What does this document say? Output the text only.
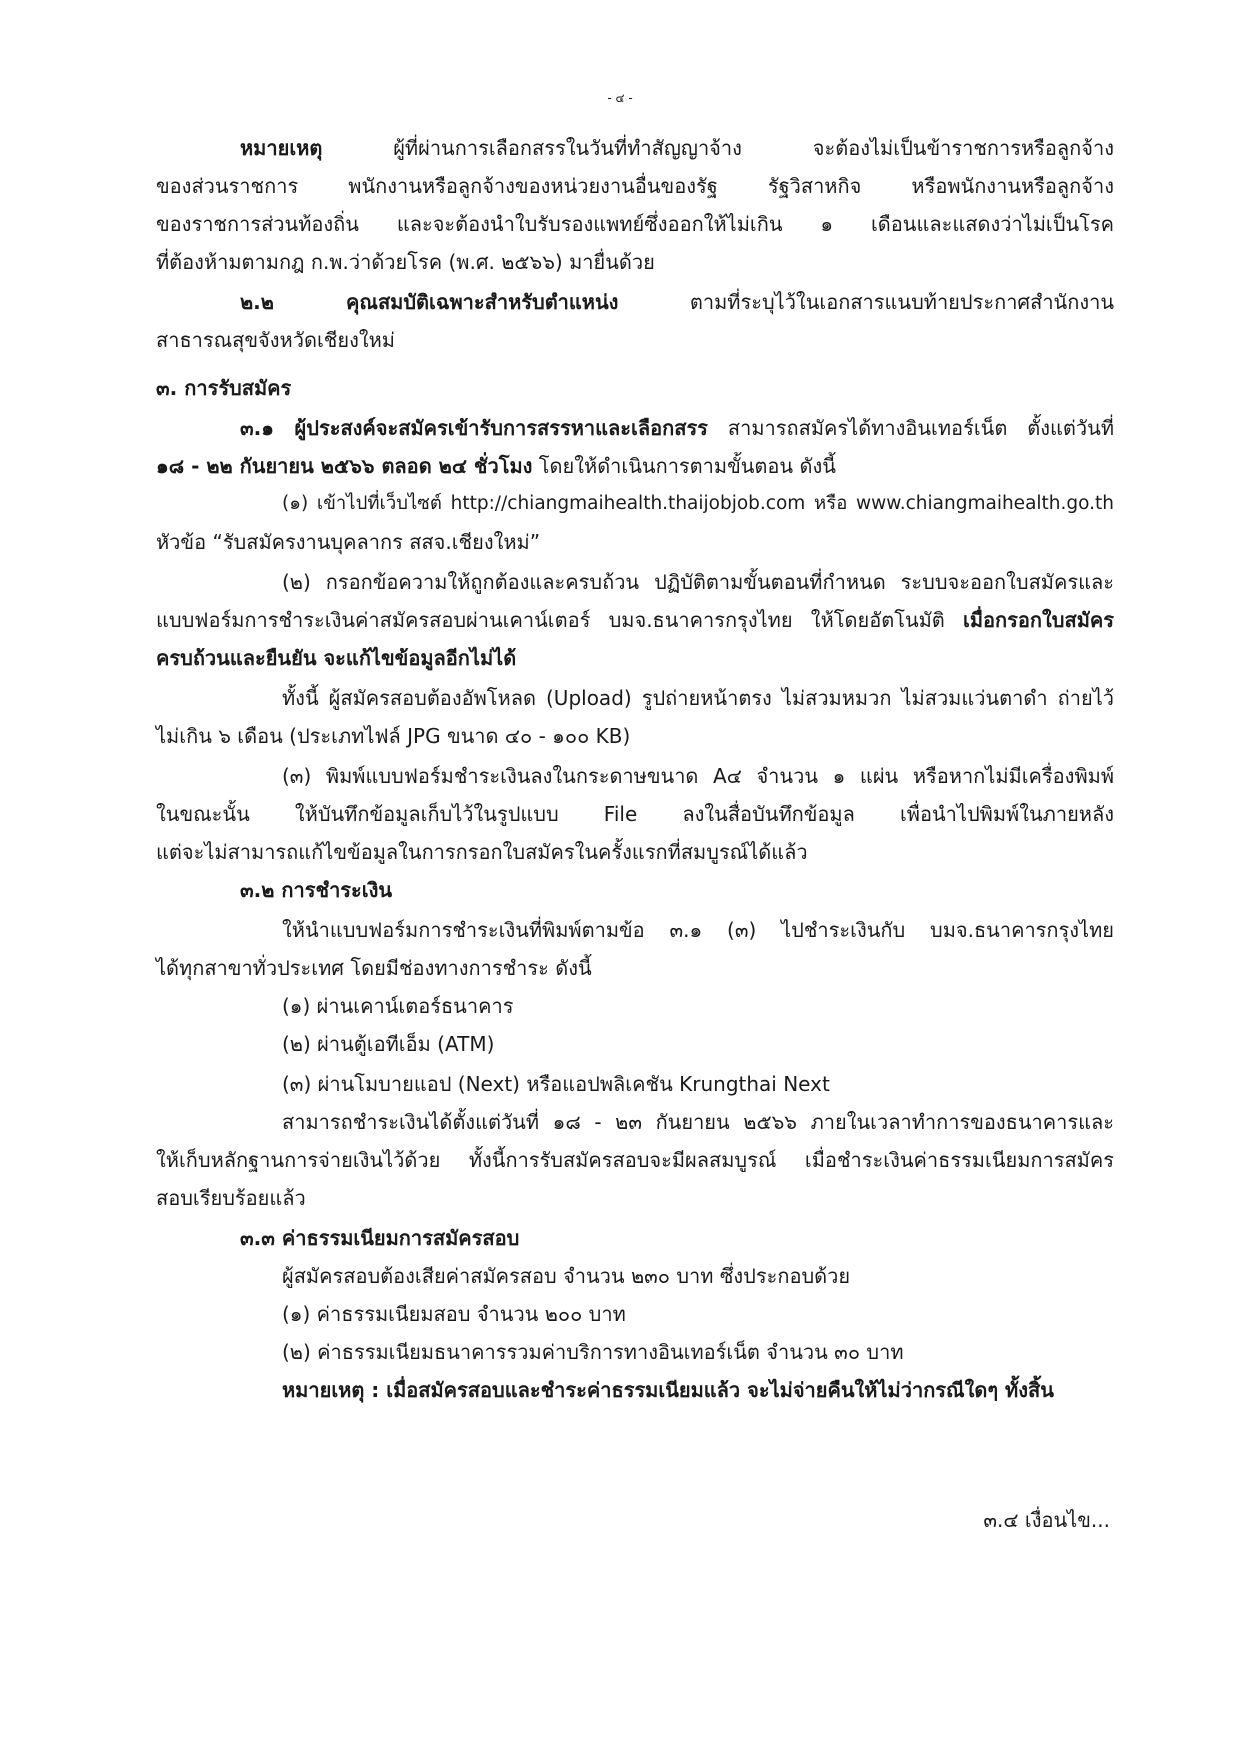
- ๔ -
หมายเหตุ ผู้ที่ผ่านการเลือกสรรในวันที่ทำสัญญาจ้าง จะต้องไม่เป็นข้าราชการหรือลูกจ้าง
ของส่วนราชการ พนักงานหรือลูกจ้างของหน่วยงานอื่นของรัฐ รัฐวิสาหกิจ หรือพนักงานหรือลูกจ้าง
ของราชการส่วนท้องถิ่น และจะต้องนำใบรับรองแพทย์ซึ่งออกให้ไม่เกิน ๑ เดือนและแสดงว่าไม่เป็นโรค
ที่ต้องห้ามตามกฎ ก.พ.ว่าด้วยโรค (พ.ศ. ๒๕๖๖) มายื่นด้วย
๒.๒ คุณสมบัติเฉพาะสำหรับตำแหน่ง ตามที่ระบุไว้ในเอกสารแนบท้ายประกาศสำนักงาน
สาธารณสุขจังหวัดเชียงใหม่
๓. การรับสมัคร
๓.๑ ผู้ประสงค์จะสมัครเข้ารับการสรรหาและเลือกสรร สามารถสมัครได้ทางอินเทอร์เน็ต ตั้งแต่วันที่
๑๘ - ๒๒ กันยายน ๒๕๖๖ ตลอด ๒๔ ชั่วโมง โดยให้ดำเนินการตามขั้นตอน ดังนี้
(๑) เข้าไปที่เว็บไซต์ http://chiangmaihealth.thaijobjob.com หรือ www.chiangmaihealth.go.th
หัวข้อ “รับสมัครงานบุคลากร สสจ.เชียงใหม่”
(๒) กรอกข้อความให้ถูกต้องและครบถ้วน ปฏิบัติตามขั้นตอนที่กำหนด ระบบจะออกใบสมัครและ
แบบฟอร์มการชำระเงินค่าสมัครสอบผ่านเคาน์เตอร์ บมจ.ธนาคารกรุงไทย ให้โดยอัตโนมัติ เมื่อกรอกใบสมัคร
ครบถ้วนและยืนยัน จะแก้ไขข้อมูลอีกไม่ได้
ทั้งนี้ ผู้สมัครสอบต้องอัพโหลด (Upload) รูปถ่ายหน้าตรง ไม่สวมหมวก ไม่สวมแว่นตาดำ ถ่ายไว้
ไม่เกิน ๖ เดือน (ประเภทไฟล์ JPG ขนาด ๔๐ - ๑๐๐ KB)
(๓) พิมพ์แบบฟอร์มชำระเงินลงในกระดาษขนาด A๔ จำนวน ๑ แผ่น หรือหากไม่มีเครื่องพิมพ์
ในขณะนั้น ให้บันทึกข้อมูลเก็บไว้ในรูปแบบ File ลงในสื่อบันทึกข้อมูล เพื่อนำไปพิมพ์ในภายหลัง
แต่จะไม่สามารถแก้ไขข้อมูลในการกรอกใบสมัครในครั้งแรกที่สมบูรณ์ได้แล้ว
๓.๒ การชำระเงิน
ให้นำแบบฟอร์มการชำระเงินที่พิมพ์ตามข้อ ๓.๑ (๓) ไปชำระเงินกับ บมจ.ธนาคารกรุงไทย
ได้ทุกสาขาทั่วประเทศ โดยมีช่องทางการชำระ ดังนี้
(๑) ผ่านเคาน์เตอร์ธนาคาร
(๒) ผ่านตู้เอทีเอ็ม (ATM)
(๓) ผ่านโมบายแอป (Next) หรือแอปพลิเคชัน Krungthai Next
สามารถชำระเงินได้ตั้งแต่วันที่ ๑๘ - ๒๓ กันยายน ๒๕๖๖ ภายในเวลาทำการของธนาคารและ
ให้เก็บหลักฐานการจ่ายเงินไว้ด้วย ทั้งนี้การรับสมัครสอบจะมีผลสมบูรณ์ เมื่อชำระเงินค่าธรรมเนียมการสมัคร
สอบเรียบร้อยแล้ว
๓.๓ ค่าธรรมเนียมการสมัครสอบ
ผู้สมัครสอบต้องเสียค่าสมัครสอบ จำนวน ๒๓๐ บาท ซึ่งประกอบด้วย
(๑) ค่าธรรมเนียมสอบ จำนวน ๒๐๐ บาท
(๒) ค่าธรรมเนียมธนาคารรวมค่าบริการทางอินเทอร์เน็ต จำนวน ๓๐ บาท
หมายเหตุ : เมื่อสมัครสอบและชำระค่าธรรมเนียมแล้ว จะไม่จ่ายคืนให้ไม่ว่ากรณีใดๆ ทั้งสิ้น
๓.๔ เงื่อนไข...
